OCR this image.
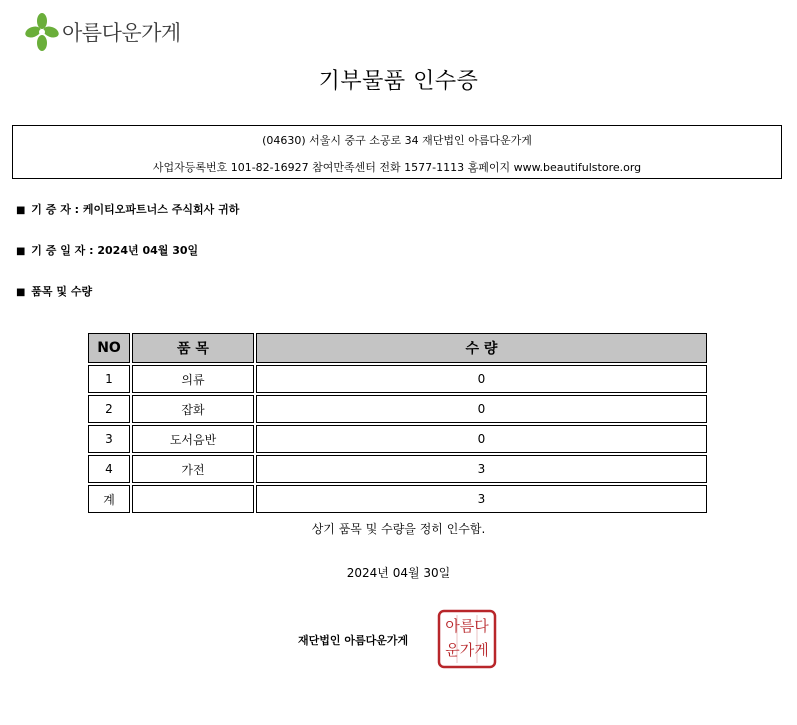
아름다운가게
기부물품 인수증
(04630) 서울시 중구 소공로 34 재단법인 아름다운가게
사업자등록번호 101-82-16927 참여만족센터 전화 1577-1113 홈페이지 www.beautifulstore.org
■ 기 증 자 : 케이티오파트너스 주식회사 귀하
■ 기 증 일 자 : 2024년 04월 30일
■ 품목 및 수량
NO	품 목	수 량
1	의류	0
2	잡화	0
3	도서음반	0
4	가전	3
계		3
상기 품목 및 수량을 정히 인수함.
2024년 04월 30일
재단법인 아름다운가게
아름다
운가게
